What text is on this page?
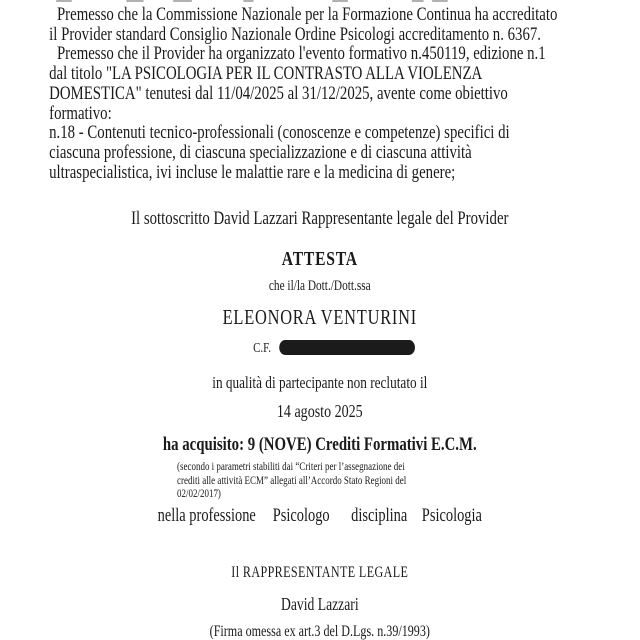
Premesso che la Commissione Nazionale per la Formazione Continua ha accreditato
il Provider standard Consiglio Nazionale Ordine Psicologi accreditamento n. 6367.
Premesso che il Provider ha organizzato l'evento formativo n.450119, edizione n.1
dal titolo "LA PSICOLOGIA PER IL CONTRASTO ALLA VIOLENZA
DOMESTICA" tenutesi dal 11/04/2025 al 31/12/2025, avente come obiettivo
formativo:
n.18 - Contenuti tecnico-professionali (conoscenze e competenze) specifici di
ciascuna professione, di ciascuna specializzazione e di ciascuna attività
ultraspecialistica, ivi incluse le malattie rare e la medicina di genere;
Il sottoscritto David Lazzari Rappresentante legale del Provider
ATTESTA
che il/la Dott./Dott.ssa
ELEONORA VENTURINI
C.F.
in qualità di partecipante non reclutato il
14 agosto 2025
ha acquisito: 9 (NOVE) Crediti Formativi E.C.M.
(secondo i parametri stabiliti dai “Criteri per l’assegnazione dei
crediti alle attività ECM” allegati all’Accordo Stato Regioni del
02/02/2017)
nella professione Psicologo disciplina Psicologia
Il RAPPRESENTANTE LEGALE
David Lazzari
(Firma omessa ex art.3 del D.Lgs. n.39/1993)
